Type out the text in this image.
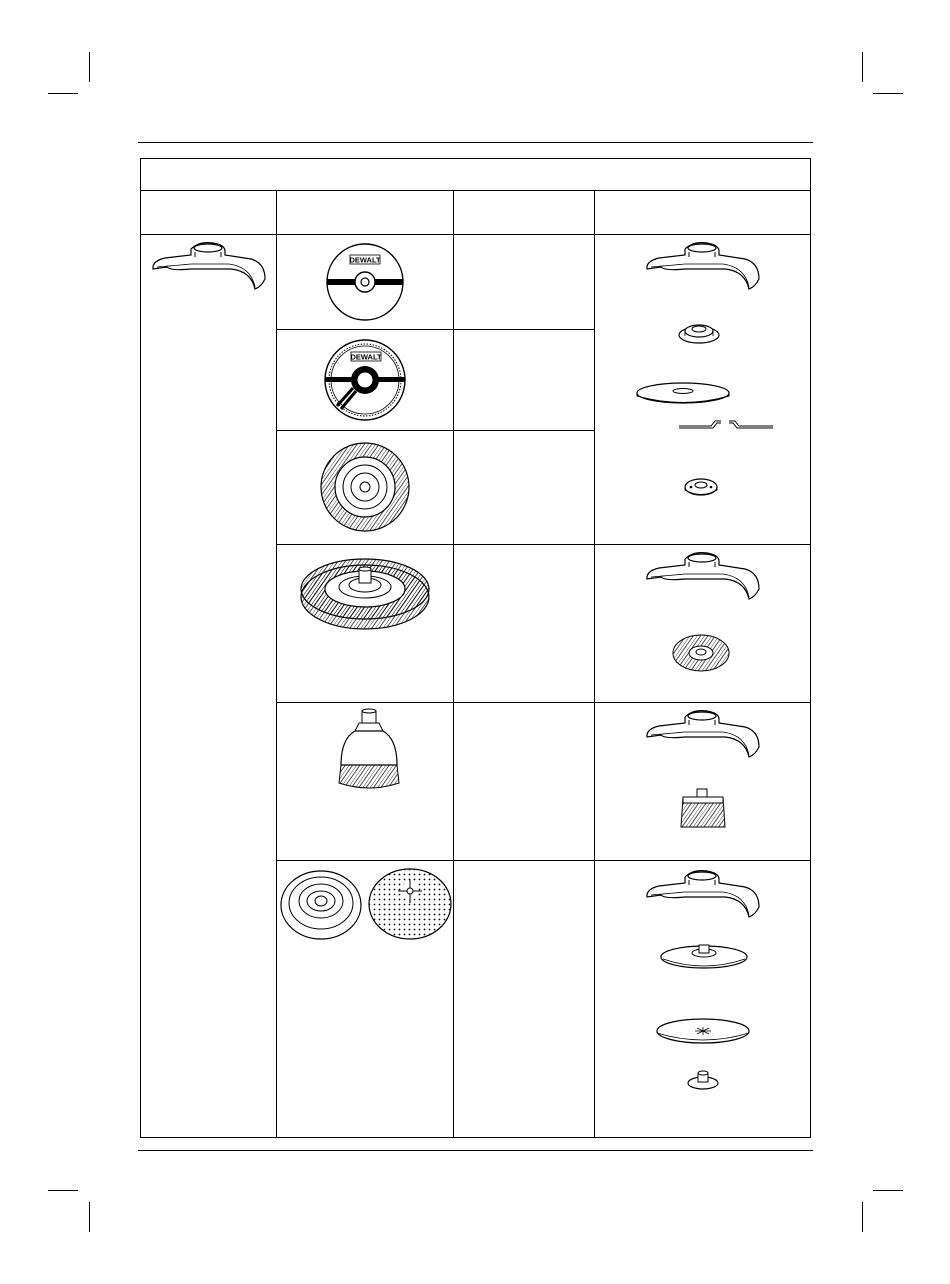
DEWALT

DEWALT		
